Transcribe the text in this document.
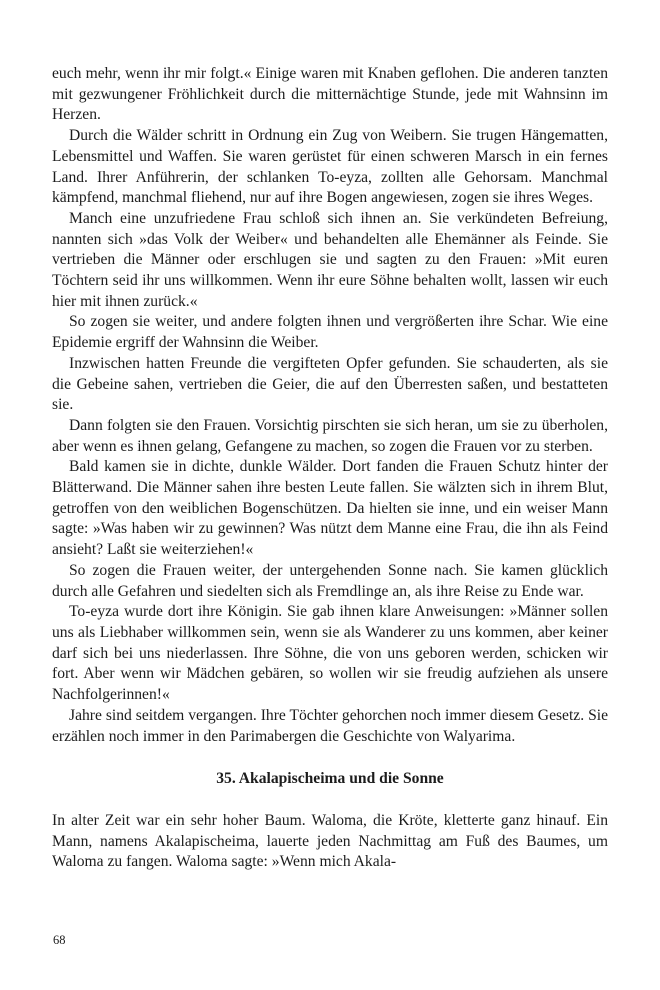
euch mehr, wenn ihr mir folgt.« Einige waren mit Knaben geflohen. Die anderen tanzten mit gezwungener Fröhlichkeit durch die mitternächtige Stunde, jede mit Wahnsinn im Herzen.

Durch die Wälder schritt in Ordnung ein Zug von Weibern. Sie trugen Hängematten, Lebensmittel und Waffen. Sie waren gerüstet für einen schweren Marsch in ein fernes Land. Ihrer Anführerin, der schlanken To-eyza, zollten alle Gehorsam. Manchmal kämpfend, manchmal fliehend, nur auf ihre Bogen angewiesen, zogen sie ihres Weges.

Manch eine unzufriedene Frau schloß sich ihnen an. Sie verkündeten Befreiung, nannten sich »das Volk der Weiber« und behandelten alle Ehemänner als Feinde. Sie vertrieben die Männer oder erschlugen sie und sagten zu den Frauen: »Mit euren Töchtern seid ihr uns willkommen. Wenn ihr eure Söhne behalten wollt, lassen wir euch hier mit ihnen zurück.«

So zogen sie weiter, und andere folgten ihnen und vergrößerten ihre Schar. Wie eine Epidemie ergriff der Wahnsinn die Weiber.

Inzwischen hatten Freunde die vergifteten Opfer gefunden. Sie schauderten, als sie die Gebeine sahen, vertrieben die Geier, die auf den Überresten saßen, und bestatteten sie.

Dann folgten sie den Frauen. Vorsichtig pirschten sie sich heran, um sie zu überholen, aber wenn es ihnen gelang, Gefangene zu machen, so zogen die Frauen vor zu sterben.

Bald kamen sie in dichte, dunkle Wälder. Dort fanden die Frauen Schutz hinter der Blätterwand. Die Männer sahen ihre besten Leute fallen. Sie wälzten sich in ihrem Blut, getroffen von den weiblichen Bogenschützen. Da hielten sie inne, und ein weiser Mann sagte: »Was haben wir zu gewinnen? Was nützt dem Manne eine Frau, die ihn als Feind ansieht? Laßt sie weiterziehen!«

So zogen die Frauen weiter, der untergehenden Sonne nach. Sie kamen glücklich durch alle Gefahren und siedelten sich als Fremdlinge an, als ihre Reise zu Ende war.

To-eyza wurde dort ihre Königin. Sie gab ihnen klare Anweisungen: »Männer sollen uns als Liebhaber willkommen sein, wenn sie als Wanderer zu uns kommen, aber keiner darf sich bei uns niederlassen. Ihre Söhne, die von uns geboren werden, schicken wir fort. Aber wenn wir Mädchen gebären, so wollen wir sie freudig aufziehen als unsere Nachfolgerinnen!«

Jahre sind seitdem vergangen. Ihre Töchter gehorchen noch immer diesem Gesetz. Sie erzählen noch immer in den Parimabergen die Geschichte von Walyarima.

35. Akalapischeima und die Sonne

In alter Zeit war ein sehr hoher Baum. Waloma, die Kröte, kletterte ganz hinauf. Ein Mann, namens Akalapischeima, lauerte jeden Nachmittag am Fuß des Baumes, um Waloma zu fangen. Waloma sagte: »Wenn mich Akala-

68
